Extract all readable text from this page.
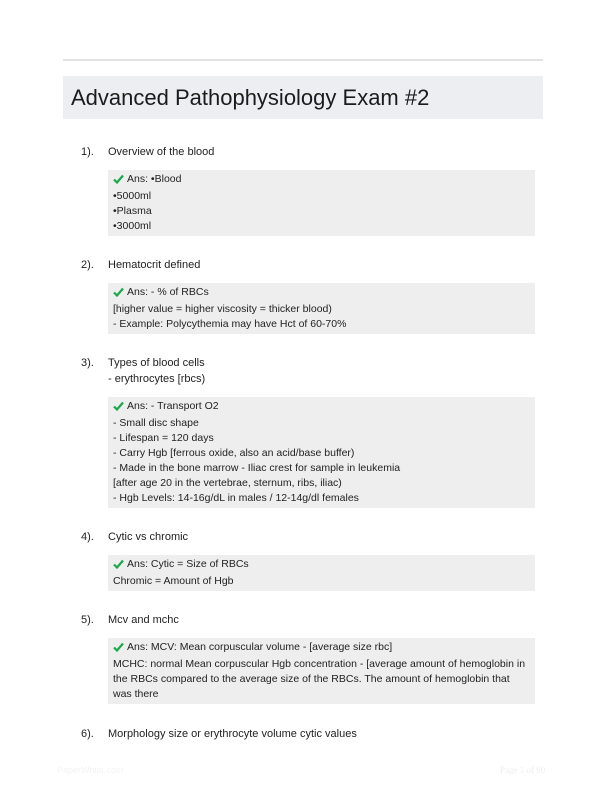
Advanced Pathophysiology Exam #2
1). Overview of the blood
Ans: •Blood
•5000ml
•Plasma
•3000ml
2). Hematocrit defined
Ans: - % of RBCs
[higher value = higher viscosity = thicker blood)
- Example: Polycythemia may have Hct of 60-70%
3). Types of blood cells
- erythrocytes [rbcs)
Ans: - Transport O2
- Small disc shape
- Lifespan = 120 days
- Carry Hgb [ferrous oxide, also an acid/base buffer)
- Made in the bone marrow - Iliac crest for sample in leukemia
[after age 20 in the vertebrae, sternum, ribs, iliac)
- Hgb Levels: 14-16g/dL in males / 12-14g/dl females
4). Cytic vs chromic
Ans: Cytic = Size of RBCs
Chromic = Amount of Hgb
5). Mcv and mchc
Ans: MCV: Mean corpuscular volume - [average size rbc]
MCHC: normal Mean corpuscular Hgb concentration - [average amount of hemoglobin in
the RBCs compared to the average size of the RBCs. The amount of hemoglobin that
was there
6). Morphology size or erythrocyte volume cytic values
PaperWhite.com	Page 1 of 60
